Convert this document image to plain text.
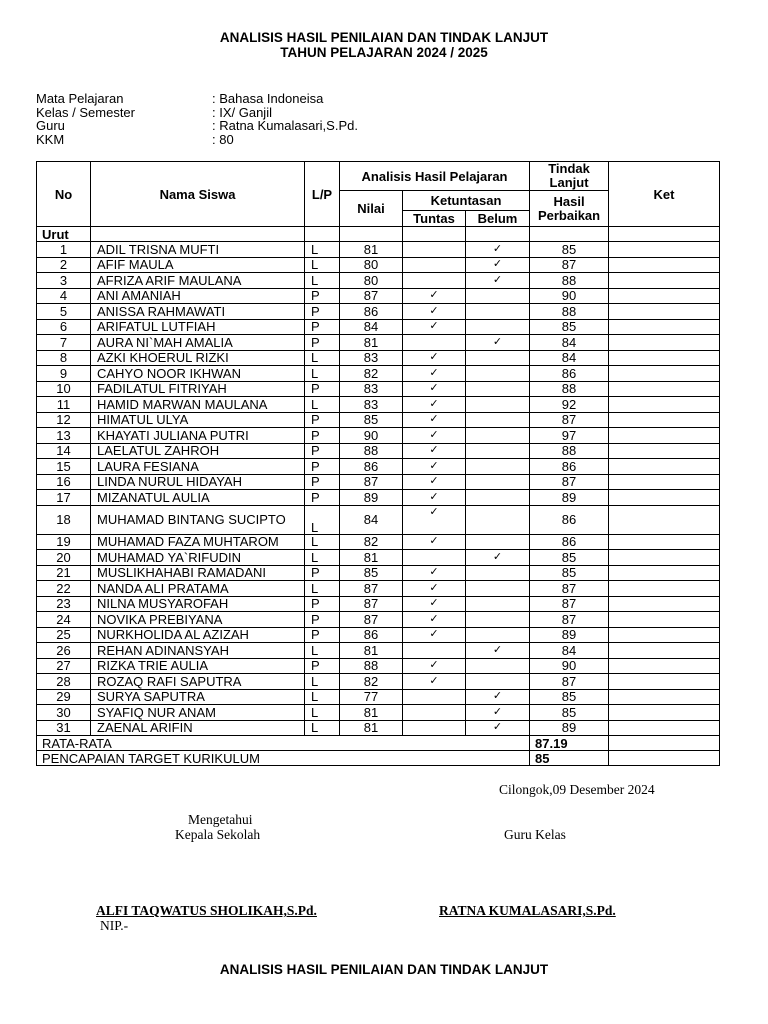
ANALISIS HASIL PENILAIAN DAN TINDAK LANJUT
TAHUN PELAJARAN 2024 / 2025
Mata Pelajaran	: Bahasa Indoneisa
Kelas / Semester	: IX/ Ganjil
Guru	: Ratna Kumalasari,S.Pd.
KKM	: 80
No	Nama Siswa	L/P	Analisis Hasil Pelajaran			Tindak Lanjut	Ket
			Nilai	Ketuntasan		Hasil Perbaikan	
				Tuntas	Belum		
Urut							
1	ADIL TRISNA MUFTI	L	81		✓	85	
2	AFIF MAULA	L	80		✓	87	
3	AFRIZA ARIF MAULANA	L	80		✓	88	
4	ANI AMANIAH	P	87	✓		90	
5	ANISSA RAHMAWATI	P	86	✓		88	
6	ARIFATUL LUTFIAH	P	84	✓		85	
7	AURA NI`MAH AMALIA	P	81		✓	84	
8	AZKI KHOERUL RIZKI	L	83	✓		84	
9	CAHYO NOOR IKHWAN	L	82	✓		86	
10	FADILATUL FITRIYAH	P	83	✓		88	
11	HAMID MARWAN MAULANA	L	83	✓		92	
12	HIMATUL ULYA	P	85	✓		87	
13	KHAYATI JULIANA PUTRI	P	90	✓		97	
14	LAELATUL ZAHROH	P	88	✓		88	
15	LAURA FESIANA	P	86	✓		86	
16	LINDA NURUL HIDAYAH	P	87	✓		87	
17	MIZANATUL AULIA	P	89	✓		89	
18	MUHAMAD BINTANG SUCIPTO	L	84	✓		86	
19	MUHAMAD FAZA MUHTAROM	L	82	✓		86	
20	MUHAMAD YA`RIFUDIN	L	81		✓	85	
21	MUSLIKHAHABI RAMADANI	P	85	✓		85	
22	NANDA ALI PRATAMA	L	87	✓		87	
23	NILNA MUSYAROFAH	P	87	✓		87	
24	NOVIKA PREBIYANA	P	87	✓		87	
25	NURKHOLIDA AL AZIZAH	P	86	✓		89	
26	REHAN ADINANSYAH	L	81		✓	84	
27	RIZKA TRIE AULIA	P	88	✓		90	
28	ROZAQ RAFI SAPUTRA	L	82	✓		87	
29	SURYA SAPUTRA	L	77		✓	85	
30	SYAFIQ NUR ANAM	L	81		✓	85	
31	ZAENAL ARIFIN	L	81		✓	89	
RATA-RATA						87.19	
PENCAPAIAN TARGET KURIKULUM						85	
Cilongok,09 Desember 2024
Mengetahui
Kepala Sekolah	Guru Kelas
ALFI TAQWATUS SHOLIKAH,S.Pd.
NIP.-
RATNA KUMALASARI,S.Pd.
ANALISIS HASIL PENILAIAN DAN TINDAK LANJUT
